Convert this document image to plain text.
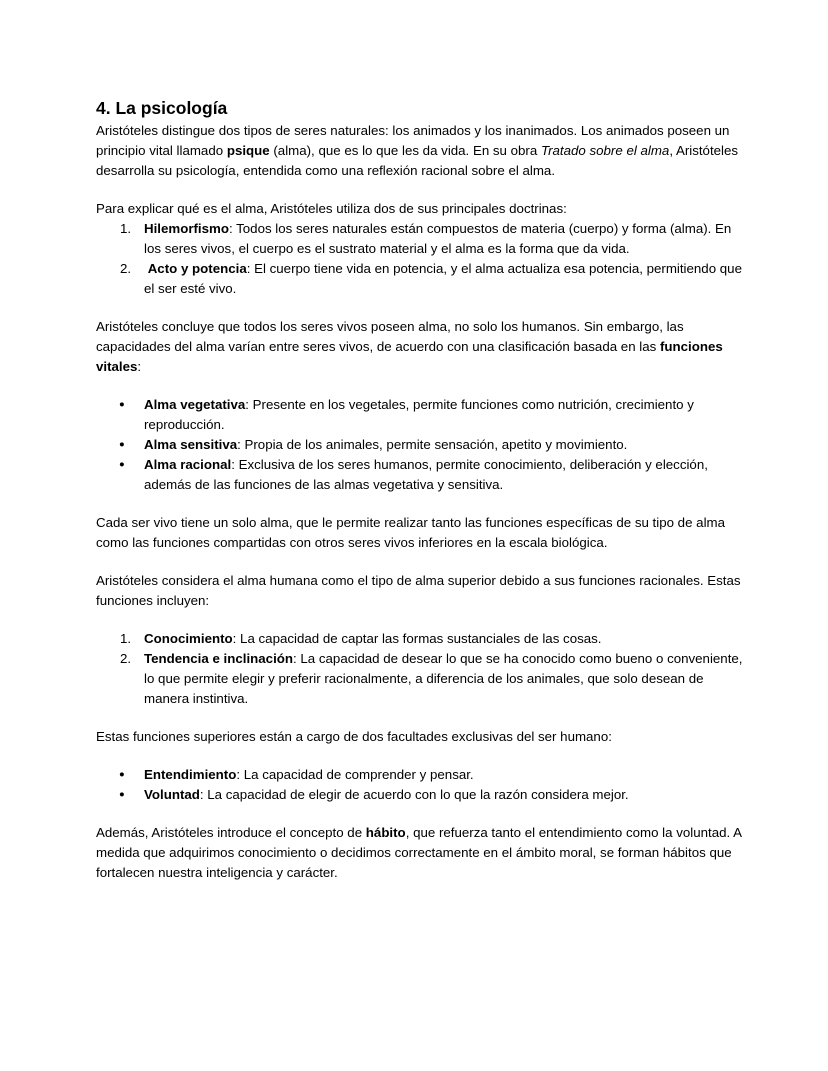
4. La psicología

Aristóteles distingue dos tipos de seres naturales: los animados y los inanimados. Los animados poseen un principio vital llamado psique (alma), que es lo que les da vida. En su obra Tratado sobre el alma, Aristóteles desarrolla su psicología, entendida como una reflexión racional sobre el alma.

Para explicar qué es el alma, Aristóteles utiliza dos de sus principales doctrinas:

1. Hilemorfismo: Todos los seres naturales están compuestos de materia (cuerpo) y forma (alma). En los seres vivos, el cuerpo es el sustrato material y el alma es la forma que da vida.
2. Acto y potencia: El cuerpo tiene vida en potencia, y el alma actualiza esa potencia, permitiendo que el ser esté vivo.

Aristóteles concluye que todos los seres vivos poseen alma, no solo los humanos. Sin embargo, las capacidades del alma varían entre seres vivos, de acuerdo con una clasificación basada en las funciones vitales:

● Alma vegetativa: Presente en los vegetales, permite funciones como nutrición, crecimiento y reproducción.
● Alma sensitiva: Propia de los animales, permite sensación, apetito y movimiento.
● Alma racional: Exclusiva de los seres humanos, permite conocimiento, deliberación y elección, además de las funciones de las almas vegetativa y sensitiva.

Cada ser vivo tiene un solo alma, que le permite realizar tanto las funciones específicas de su tipo de alma como las funciones compartidas con otros seres vivos inferiores en la escala biológica.

Aristóteles considera el alma humana como el tipo de alma superior debido a sus funciones racionales. Estas funciones incluyen:

1. Conocimiento: La capacidad de captar las formas sustanciales de las cosas.
2. Tendencia e inclinación: La capacidad de desear lo que se ha conocido como bueno o conveniente, lo que permite elegir y preferir racionalmente, a diferencia de los animales, que solo desean de manera instintiva.

Estas funciones superiores están a cargo de dos facultades exclusivas del ser humano:

● Entendimiento: La capacidad de comprender y pensar.
● Voluntad: La capacidad de elegir de acuerdo con lo que la razón considera mejor.

Además, Aristóteles introduce el concepto de hábito, que refuerza tanto el entendimiento como la voluntad. A medida que adquirimos conocimiento o decidimos correctamente en el ámbito moral, se forman hábitos que fortalecen nuestra inteligencia y carácter.
